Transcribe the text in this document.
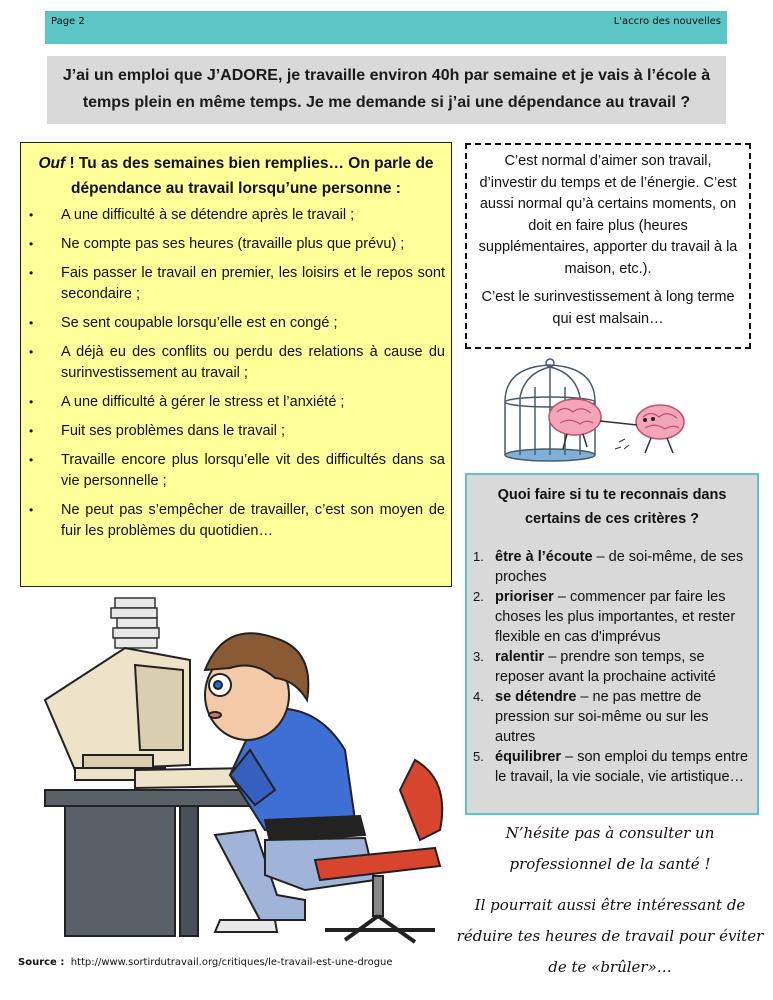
Page 2	L'accro des nouvelles
J’ai un emploi que J’ADORE, je travaille environ 40h par semaine et je vais à l’école à temps plein en même temps. Je me demande si j’ai une dépendance au travail ?
Ouf ! Tu as des semaines bien remplies… On parle de dépendance au travail lorsqu’une personne :
• A une difficulté à se détendre après le travail ;
• Ne compte pas ses heures (travaille plus que prévu) ;
• Fais passer le travail en premier, les loisirs et le repos sont secondaire ;
• Se sent coupable lorsqu’elle est en congé ;
• A déjà eu des conflits ou perdu des relations à cause du surinvestissement au travail ;
• A une difficulté à gérer le stress et l’anxiété ;
• Fuit ses problèmes dans le travail ;
• Travaille encore plus lorsqu’elle vit des difficultés dans sa vie personnelle ;
• Ne peut pas s’empêcher de travailler, c’est son moyen de fuir les problèmes du quotidien…

C’est normal d’aimer son travail, d’investir du temps et de l’énergie. C’est aussi normal qu’à certains moments, on doit en faire plus (heures supplémentaires, apporter du travail à la maison, etc.).

C’est le surinvestissement à long terme qui est malsain…

Quoi faire si tu te reconnais dans certains de ces critères ?
1. être à l’écoute – de soi-même, de ses proches
2. prioriser – commencer par faire les choses les plus importantes, et rester flexible en cas d'imprévus
3. ralentir – prendre son temps, se reposer avant la prochaine activité
4. se détendre – ne pas mettre de pression sur soi-même ou sur les autres
5. équilibrer – son emploi du temps entre le travail, la vie sociale, vie artistique…

N’hésite pas à consulter un professionnel de la santé !

Il pourrait aussi être intéressant de réduire tes heures de travail pour éviter de te «brûler»…

Source : http://www.sortirdutravail.org/critiques/le-travail-est-une-drogue
